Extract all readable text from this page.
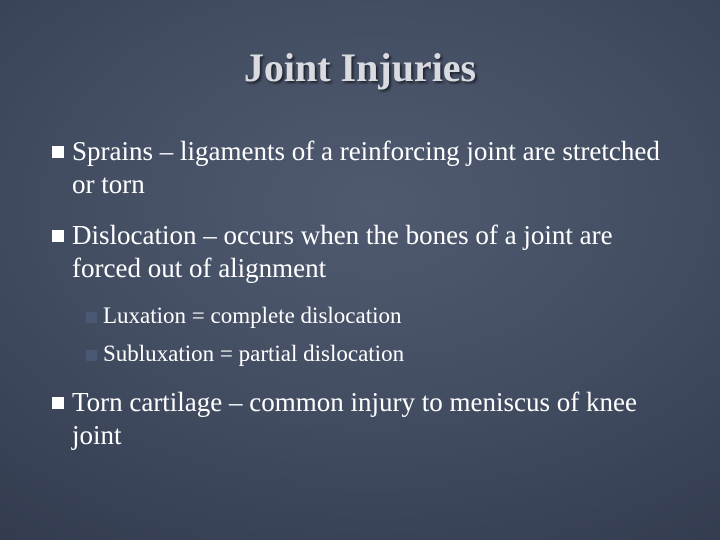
Joint Injuries
Sprains – ligaments of a reinforcing joint are stretched or torn
Dislocation – occurs when the bones of a joint are forced out of alignment
Luxation = complete dislocation
Subluxation = partial dislocation
Torn cartilage – common injury to meniscus of knee joint
